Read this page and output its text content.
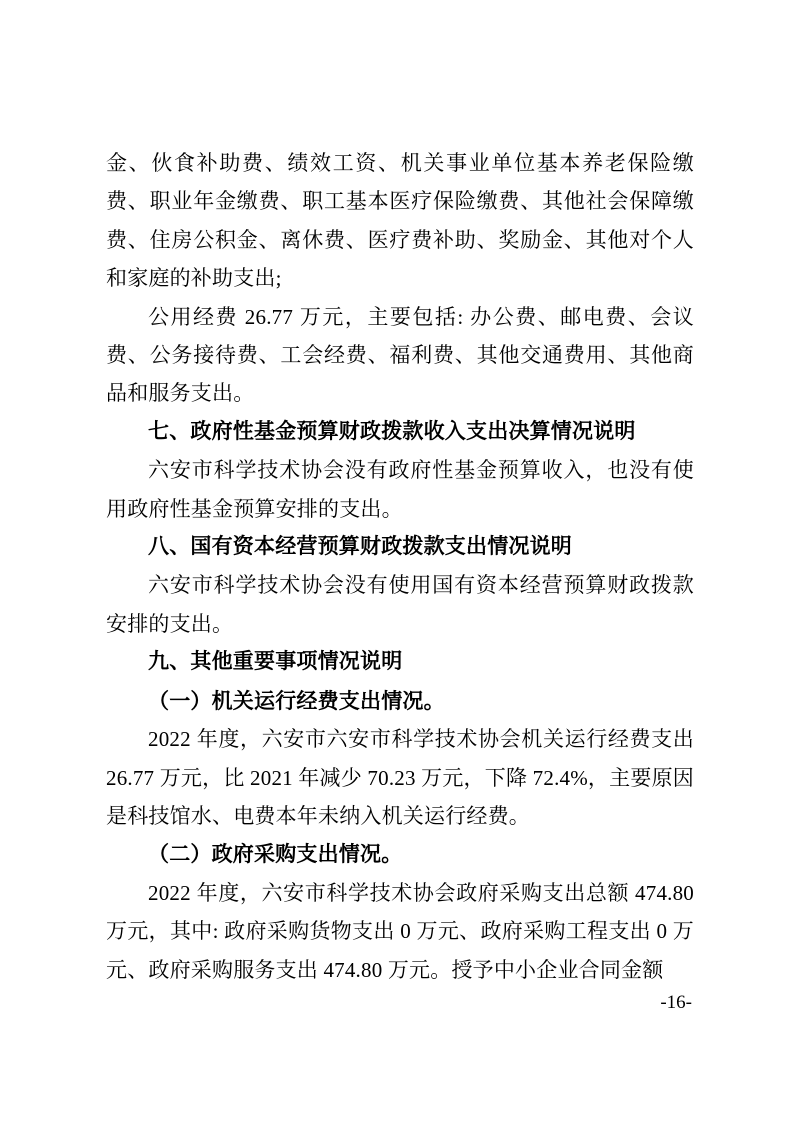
金、伙食补助费、绩效工资、机关事业单位基本养老保险缴费、职业年金缴费、职工基本医疗保险缴费、其他社会保障缴费、住房公积金、离休费、医疗费补助、奖励金、其他对个人和家庭的补助支出;

公用经费 26.77 万元，主要包括: 办公费、邮电费、会议费、公务接待费、工会经费、福利费、其他交通费用、其他商品和服务支出。

七、政府性基金预算财政拨款收入支出决算情况说明

六安市科学技术协会没有政府性基金预算收入，也没有使用政府性基金预算安排的支出。

八、国有资本经营预算财政拨款支出情况说明

六安市科学技术协会没有使用国有资本经营预算财政拨款安排的支出。

九、其他重要事项情况说明

（一）机关运行经费支出情况。

2022 年度，六安市六安市科学技术协会机关运行经费支出 26.77 万元，比 2021 年减少 70.23 万元，下降 72.4%，主要原因是科技馆水、电费本年未纳入机关运行经费。

（二）政府采购支出情况。

2022 年度，六安市科学技术协会政府采购支出总额 474.80 万元，其中: 政府采购货物支出 0 万元、政府采购工程支出 0 万元、政府采购服务支出 474.80 万元。授予中小企业合同金额

-16-
